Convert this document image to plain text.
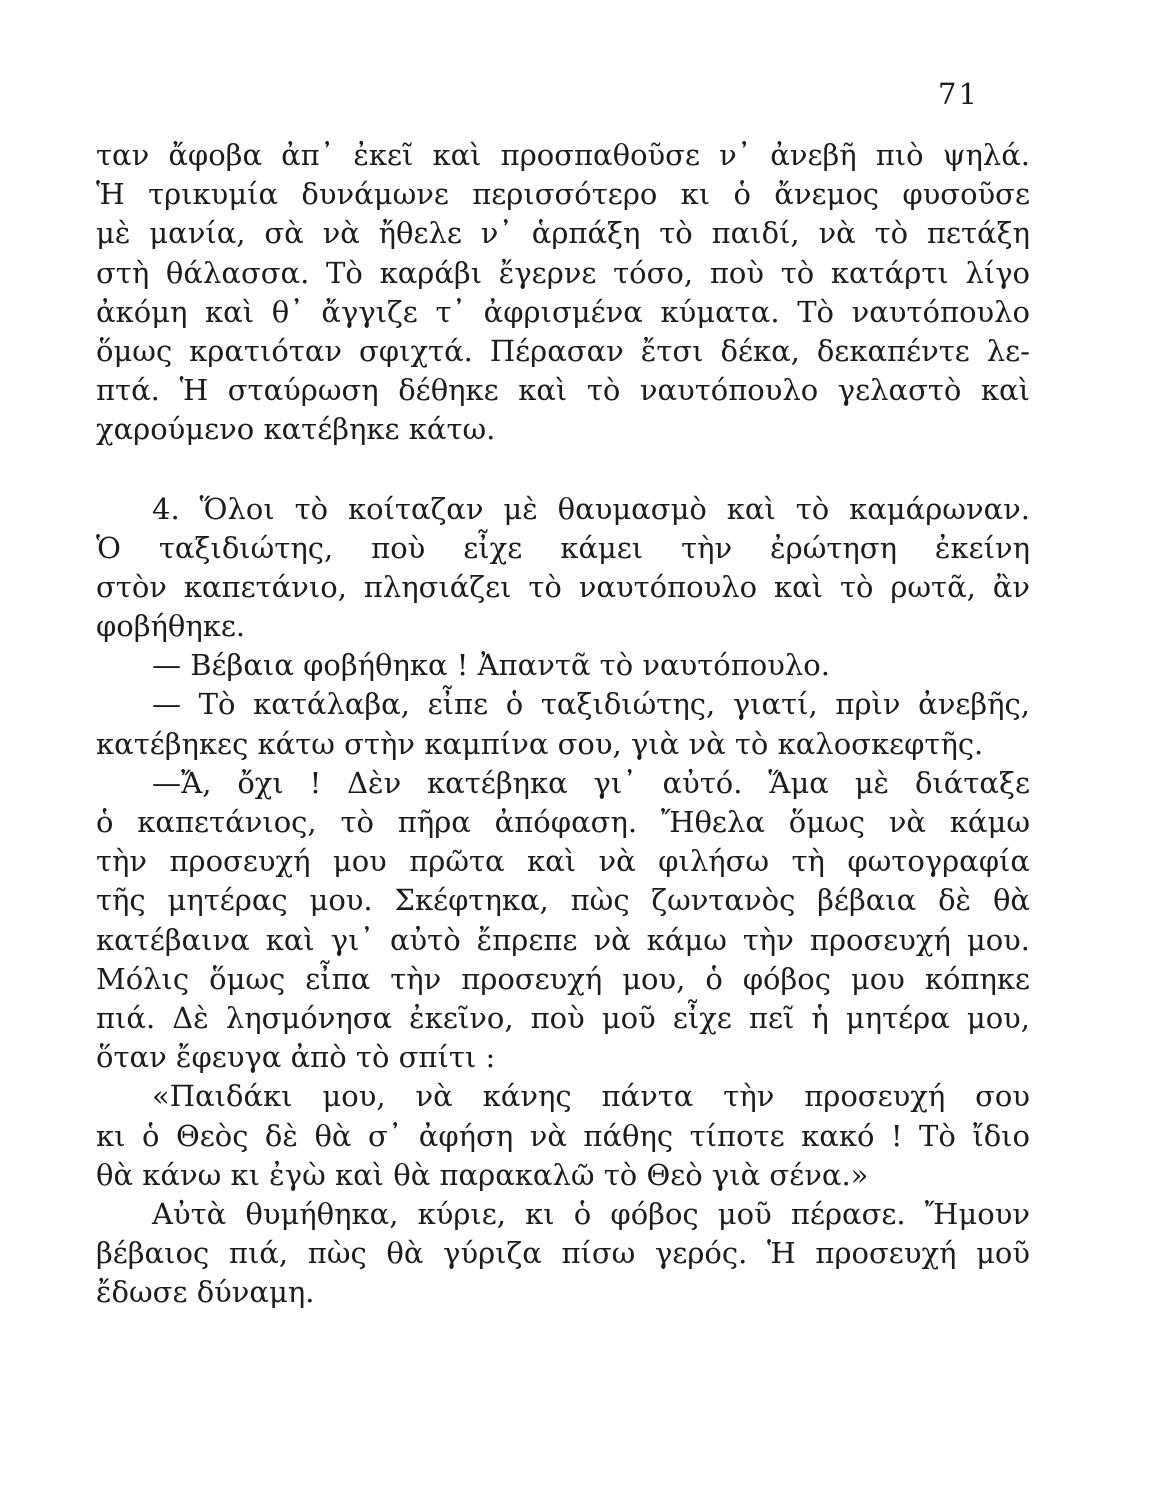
71
ταν ἄφοβα ἀπ᾿ ἐκεῖ καὶ προσπαθοῦσε ν᾿ ἀνεβῆ πιὸ ψηλά.
Ἡ τρικυμία δυνάμωνε περισσότερο κι ὁ ἄνεμος φυσοῦσε
μὲ μανία, σὰ νὰ ἤθελε ν᾿ ἁρπάξη τὸ παιδί, νὰ τὸ πετάξη
στὴ θάλασσα. Τὸ καράβι ἔγερνε τόσο, ποὺ τὸ κατάρτι λίγο
ἀκόμη καὶ θ᾿ ἄγγιζε τ᾿ ἀφρισμένα κύματα. Τὸ ναυτόπουλο
ὅμως κρατιόταν σφιχτά. Πέρασαν ἔτσι δέκα, δεκαπέντε λε-
πτά. Ἡ σταύρωση δέθηκε καὶ τὸ ναυτόπουλο γελαστὸ καὶ
χαρούμενο κατέβηκε κάτω.
4. Ὅλοι τὸ κοίταζαν μὲ θαυμασμὸ καὶ τὸ καμάρωναν.
Ὁ ταξιδιώτης, ποὺ εἶχε κάμει τὴν ἐρώτηση ἐκείνη
στὸν καπετάνιο, πλησιάζει τὸ ναυτόπουλο καὶ τὸ ρωτᾶ, ἂν
φοβήθηκε.
— Βέβαια φοβήθηκα ! Ἀπαντᾶ τὸ ναυτόπουλο.
— Τὸ κατάλαβα, εἶπε ὁ ταξιδιώτης, γιατί, πρὶν ἀνεβῆς,
κατέβηκες κάτω στὴν καμπίνα σου, γιὰ νὰ τὸ καλοσκεφτῆς.
—Ἄ, ὄχι ! Δὲν κατέβηκα γι᾿ αὐτό. Ἅμα μὲ διάταξε
ὁ καπετάνιος, τὸ πῆρα ἀπόφαση. Ἤθελα ὅμως νὰ κάμω
τὴν προσευχή μου πρῶτα καὶ νὰ φιλήσω τὴ φωτογραφία
τῆς μητέρας μου. Σκέφτηκα, πὼς ζωντανὸς βέβαια δὲ θὰ
κατέβαινα καὶ γι᾿ αὐτὸ ἔπρεπε νὰ κάμω τὴν προσευχή μου.
Μόλις ὅμως εἶπα τὴν προσευχή μου, ὁ φόβος μου κόπηκε
πιά. Δὲ λησμόνησα ἐκεῖνο, ποὺ μοῦ εἶχε πεῖ ἡ μητέρα μου,
ὅταν ἔφευγα ἀπὸ τὸ σπίτι :
«Παιδάκι μου, νὰ κάνης πάντα τὴν προσευχή σου
κι ὁ Θεὸς δὲ θὰ σ᾿ ἀφήση νὰ πάθης τίποτε κακό ! Τὸ ἴδιο
θὰ κάνω κι ἐγὼ καὶ θὰ παρακαλῶ τὸ Θεὸ γιὰ σένα.»
Αὐτὰ θυμήθηκα, κύριε, κι ὁ φόβος μοῦ πέρασε. Ἤμουν
βέβαιος πιά, πὼς θὰ γύριζα πίσω γερός. Ἡ προσευχή μοῦ
ἔδωσε δύναμη.
